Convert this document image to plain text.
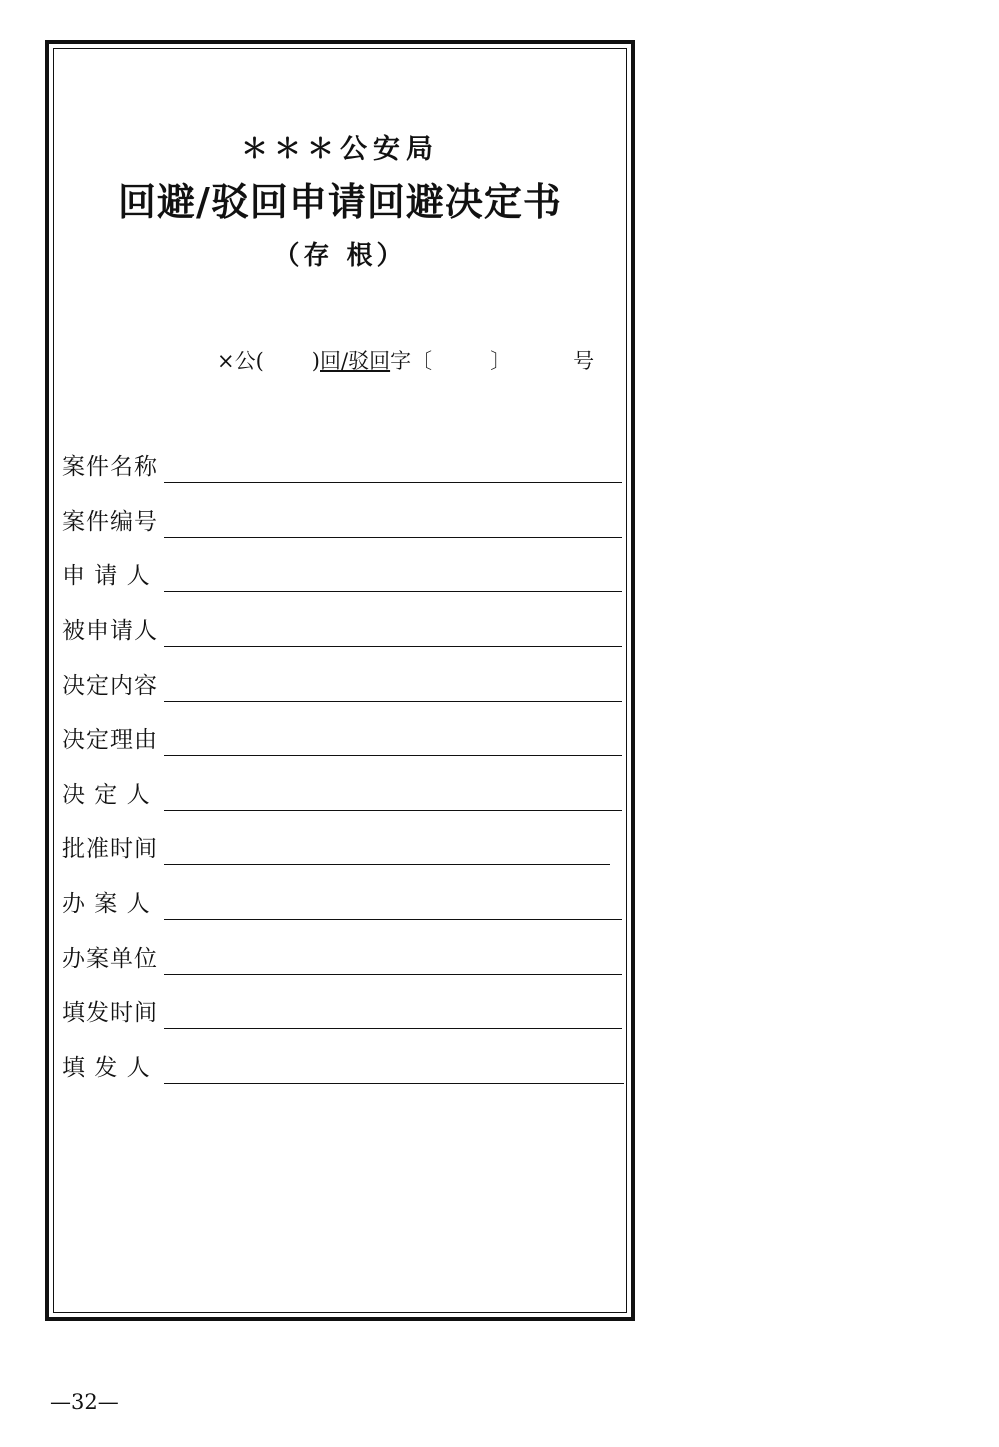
＊＊＊公安局
回避/驳回申请回避决定书
（存 根）
×公( )回/驳回字〔	〕	号
案件名称
案件编号
申 请 人
被申请人
决定内容
决定理由
决 定 人
批准时间
办 案 人
办案单位
填发时间
填 发 人
—32—
